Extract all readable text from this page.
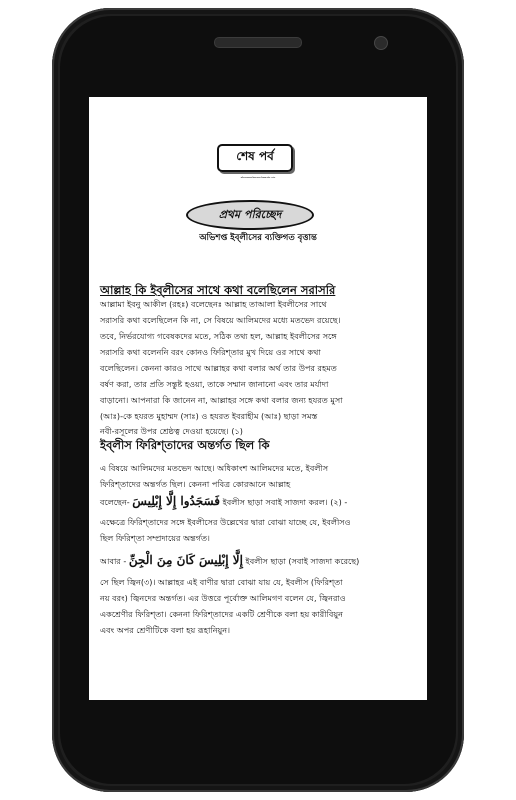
শেষ পর্ব
অভিশপ্ত শয়তানের বিষয়ে অসংখ্য বিস্ময়কর ঘটনা ও বর্ণনা
প্রথম পরিচ্ছেদ
অভিশপ্ত ইব্‌লীসের ব্যক্তিগত বৃত্তান্ত
আল্লাহ কি ইব্‌লীসের সাথে কথা বলেছিলেন সরাসরি
আল্লামা ইবনু আকীল (রহঃ) বলেছেনঃ আল্লাহ তাআলা ইবলীসের সাথে
সরাসরি কথা বলেছিলেন কি না, সে বিষয়ে আলিমদের মধ্যে মতভেদ রয়েছে।
তবে, নির্ভরযোগ্য গবেষকদের মতে, সঠিক তথ্য হল, আল্লাহ ইবলীসের সঙ্গে
সরাসরি কথা বলেননি বরং কোনও ফিরিশ্‌তার মুখ দিয়ে ওর সাথে কথা
বলেছিলেন। কেননা কারও সাথে আল্লাহর কথা বলার অর্থ তার উপর রহমত
বর্ষণ করা, তার প্রতি সন্তুষ্ট হওয়া, তাকে সম্মান জানানো এবং তার মর্যাদা
বাড়ানো। আপনারা কি জানেন না, আল্লাহর সঙ্গে কথা বলার জন্য হযরত মুসা
(আঃ)-কে হযরত মুহাম্মদ (সাঃ) ও হযরত ইবরাহীম (আঃ) ছাড়া সমস্ত
নবী-রসূলের উপর শ্রেষ্ঠত্ব দেওয়া হয়েছে। (১)
ইব্‌লীস ফিরিশ্‌তাদের অন্তর্গত ছিল কি
এ বিষয়ে আলিমদের মতভেদ আছে। অধিকাংশ আলিমদের মতে, ইবলীস
ফিরিশ্‌তাদের অন্তর্গত ছিল। কেননা পবিত্র কোরআনে আল্লাহ
বলেছেন- فَسَجَدُوا إِلَّا إِبْلِيسَ ইবলীস ছাড়া সবাই সাজদা করল। (২) -
এক্ষেত্রে ফিরিশ্‌তাদের সঙ্গে ইবলীসের উল্লেখের দ্বারা বোঝা যাচ্ছে যে, ইবলীসও
ছিল ফিরিশ্‌তা সম্প্রদায়ের অন্তর্গত।
আবার - إِلَّا إِبْلِيسَ كَانَ مِنَ الْجِنِّ ইবলীস ছাড়া (সবাই সাজদা করেছে)
সে ছিল জ্বিন(৩)। আল্লাহর এই বাণীর দ্বারা বোঝা যায় যে, ইবলীস (ফিরিশ্‌তা
নয় বরং) জ্বিনদের অন্তর্গত। এর উত্তরে পূর্বোক্ত আলিমগণ বলেন যে, জ্বিনরাও
একশ্রেণীর ফিরিশ্‌তা। কেননা ফিরিশ্‌তাদের একটি শ্রেণীকে বলা হয় কারীবিয়ুন
এবং অপর শ্রেণীটিকে বলা হয় রূহানিয়ুন।
